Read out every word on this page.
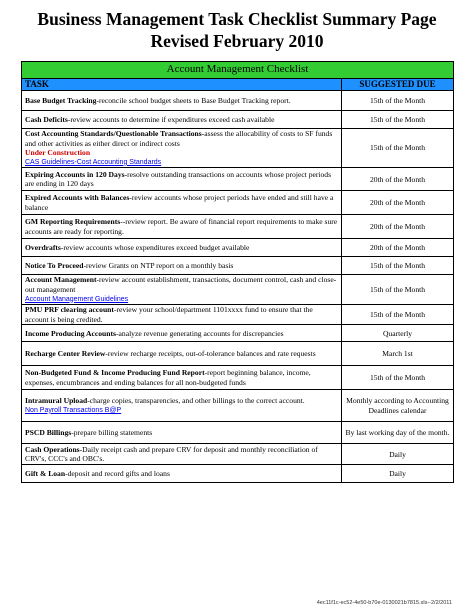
Business Management Task Checklist Summary Page
Revised February 2010
Account Management Checklist	
TASK	SUGGESTED DUE
Base Budget Tracking-reconcile school budget sheets to Base Budget Tracking report.	15th of the Month
Cash Deficits-review accounts to determine if expenditures exceed cash available	15th of the Month
Cost Accounting Standards/Questionable Transactions-assess the allocability of costs to SF funds and other activities as either direct or indirect costs
Under Construction
CAS Guidelines-Cost Accounting Standards	15th of the Month
Expiring Accounts in 120 Days-resolve outstanding transactions on accounts whose project periods are ending in 120 days	20th of the Month
Expired Accounts with Balances-review accounts whose project periods have ended and still have a balance	20th of the Month
GM Reporting Requirements--review report. Be aware of financial report requirements to make sure accounts are ready for reporting.	20th of the Month
Overdrafts-review accounts whose expenditures exceed budget available	20th of the Month
Notice To Proceed-review Grants on NTP report on a monthly basis	15th of the Month
Account Management-review account establishment, transactions, document control, cash and close-out management
Account Management Guidelines	15th of the Month
PMU PRF clearing account-review your school/department 1101xxxx fund to ensure that the account is being credited.	15th of the Month
Income Producing Accounts-analyze revenue generating accounts for discrepancies	Quarterly
Recharge Center Review-review recharge receipts, out-of-tolerance balances and rate requests	March 1st
Non-Budgeted Fund & Income Producing Fund Report-report beginning balance, income, expenses, encumbrances and ending balances for all non-budgeted funds	15th of the Month
Intramural Upload-charge copies, transparencies, and other billings to the correct account.
Non Payroll Transactions B@P	Monthly according to Accounting Deadlines calendar
PSCD Billings-prepare billing statements	By last working day of the month.
Cash Operations-Daily receipt cash and prepare CRV for deposit and monthly reconciliation of CRV's, CCC's and OBC's.	Daily
Gift & Loan-deposit and record gifts and loans	Daily
4ec11f1c-ec52-4e50-b70e-0130021b7815.xls--2/2/2011
